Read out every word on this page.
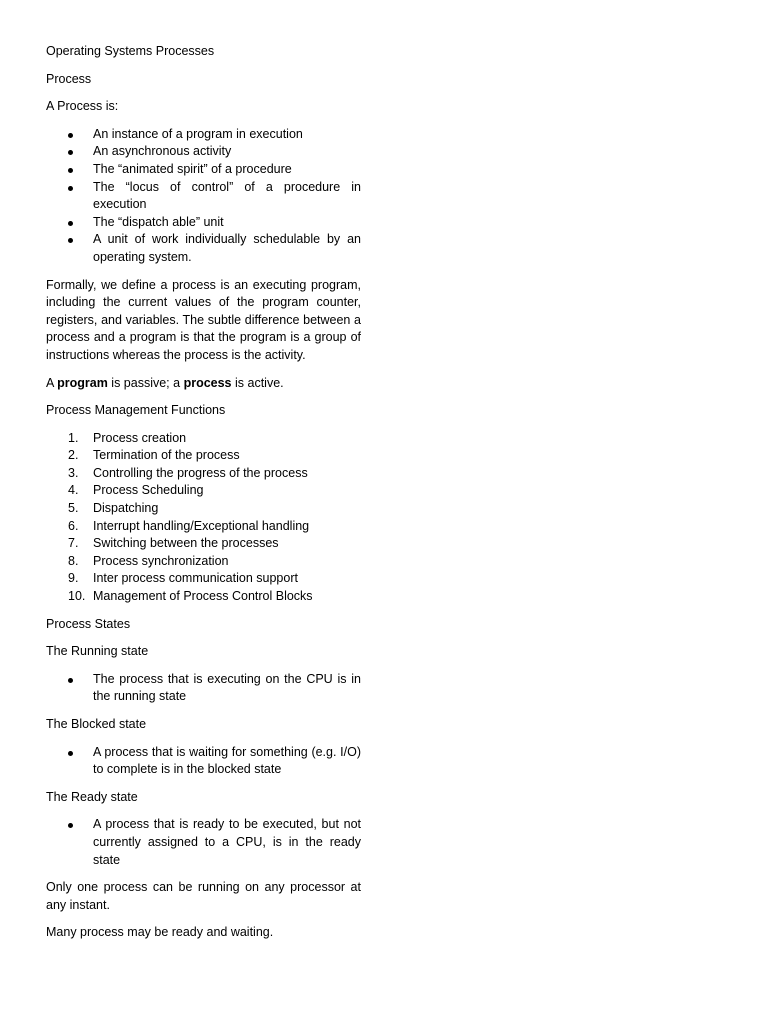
Operating Systems Processes

Process

A Process is:

An instance of a program in execution
An asynchronous activity
The “animated spirit” of a procedure
The “locus of control” of a procedure in execution
The “dispatch able” unit
A unit of work individually schedulable by an operating system.

Formally, we define a process is an executing program, including the current values of the program counter, registers, and variables. The subtle difference between a process and a program is that the program is a group of instructions whereas the process is the activity.

A program is passive; a process is active.

Process Management Functions

1.	Process creation
2.	Termination of the process
3.	Controlling the progress of the process
4.	Process Scheduling
5.	Dispatching
6.	Interrupt handling/Exceptional handling
7.	Switching between the processes
8.	Process synchronization
9.	Inter process communication support
10. Management of Process Control Blocks

Process States

The Running state

The process that is executing on the CPU is in the running state

The Blocked state

A process that is waiting for something (e.g. I/O) to complete is in the blocked state

The Ready state

A process that is ready to be executed, but not currently assigned to a CPU, is in the ready state

Only one process can be running on any processor at any instant.

Many process may be ready and waiting.
